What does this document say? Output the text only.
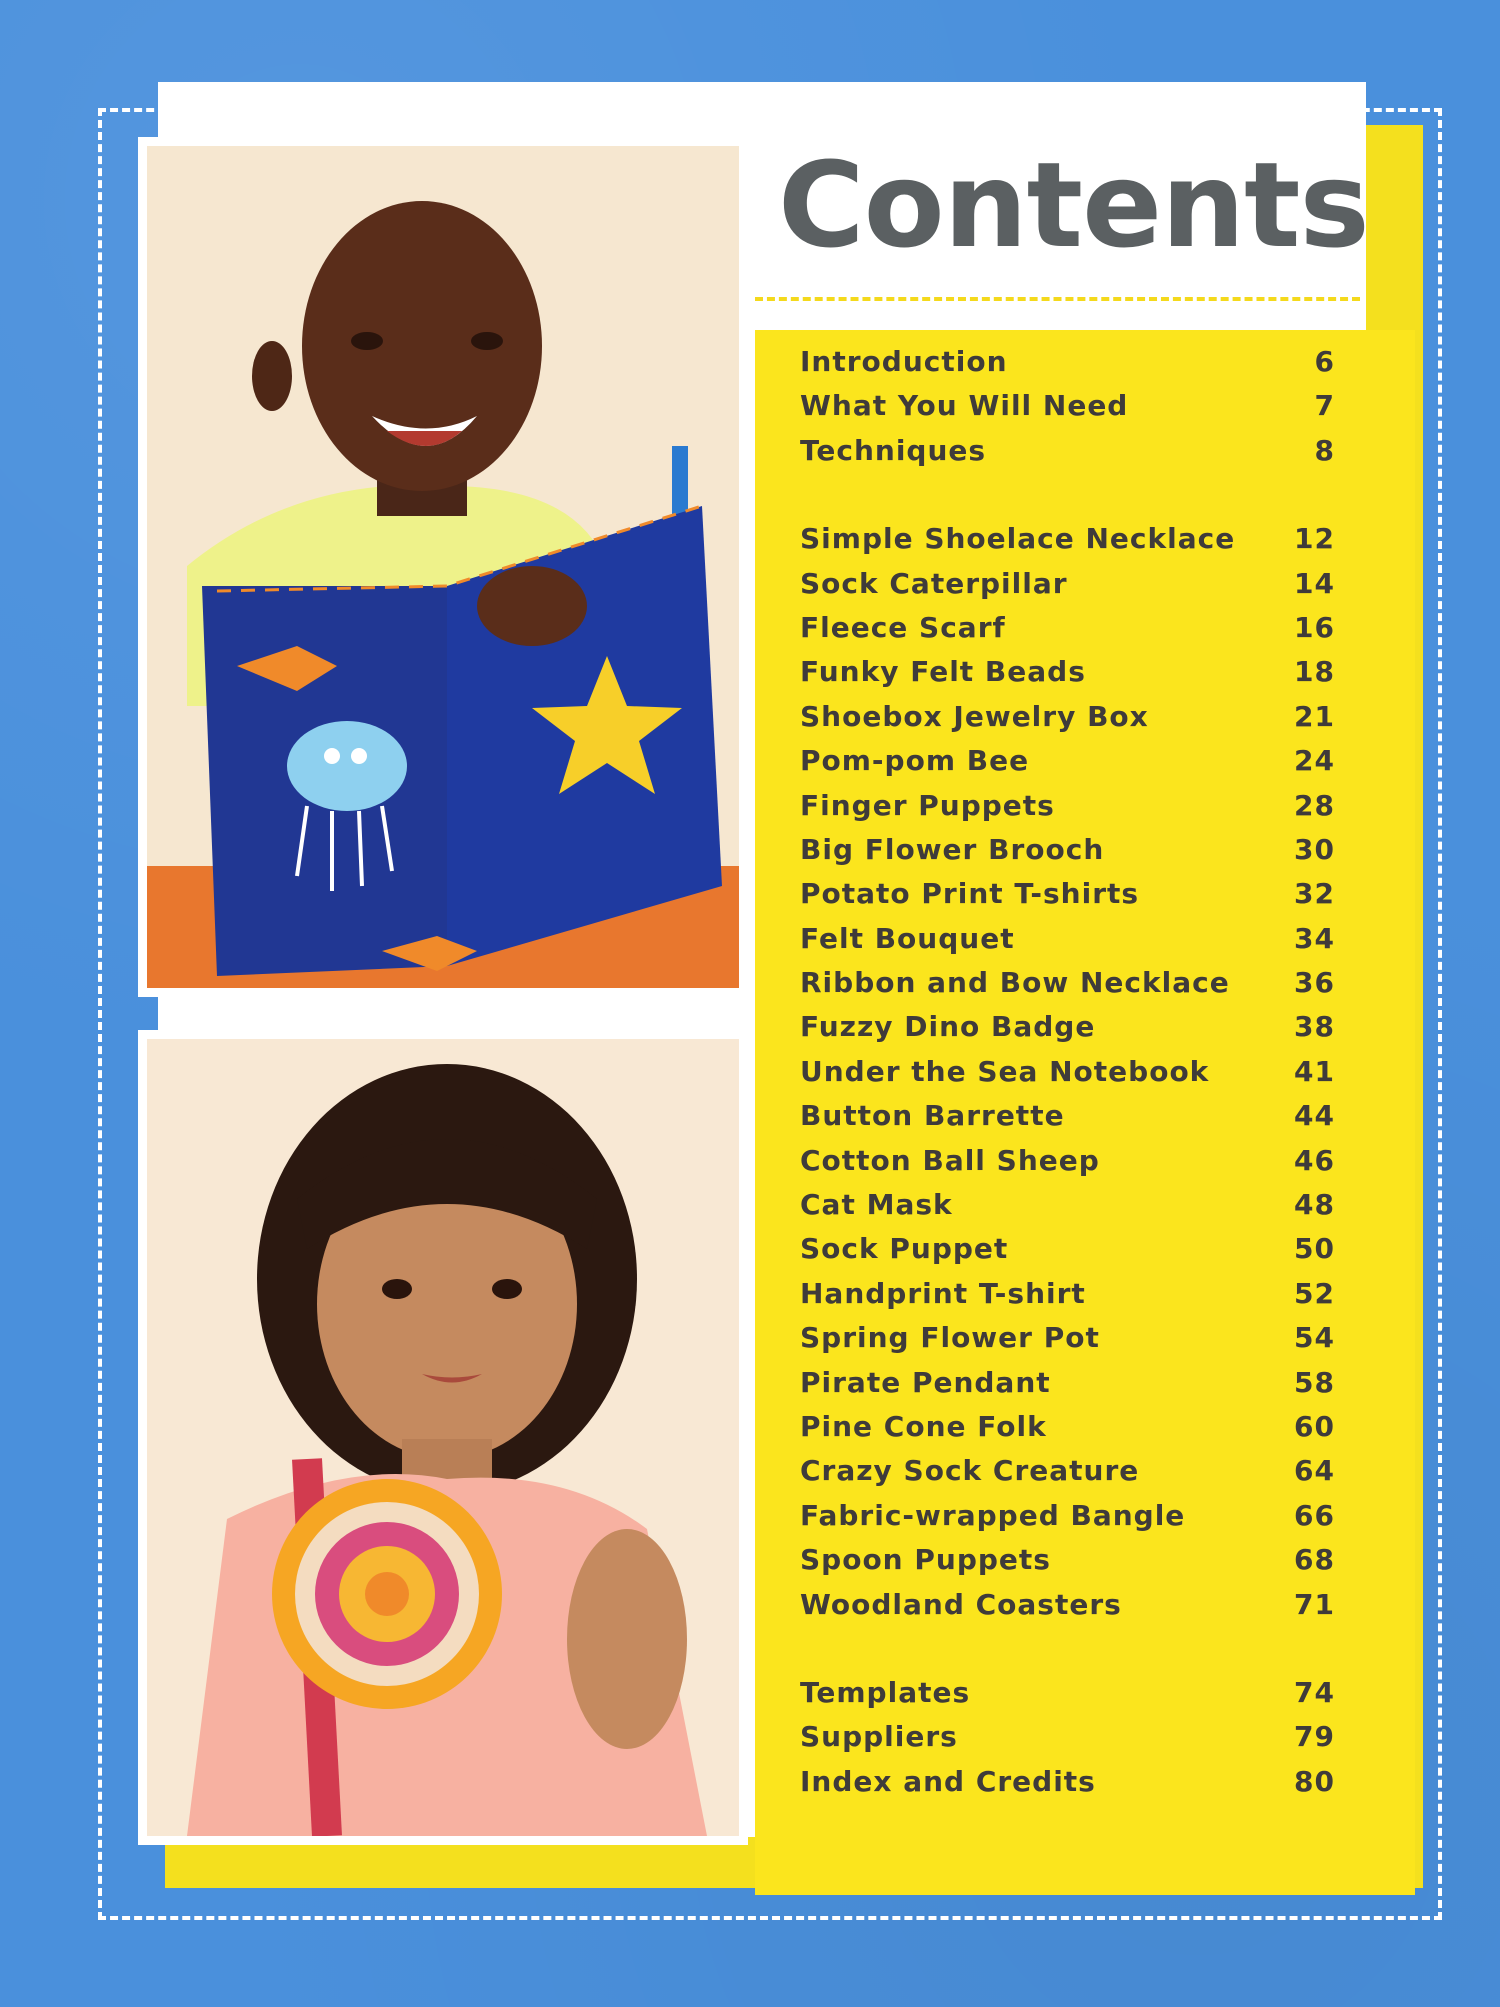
Contents
Introduction	6
What You Will Need	7
Techniques	8
Simple Shoelace Necklace	12
Sock Caterpillar	14
Fleece Scarf	16
Funky Felt Beads	18
Shoebox Jewelry Box	21
Pom-pom Bee	24
Finger Puppets	28
Big Flower Brooch	30
Potato Print T-shirts	32
Felt Bouquet	34
Ribbon and Bow Necklace	36
Fuzzy Dino Badge	38
Under the Sea Notebook	41
Button Barrette	44
Cotton Ball Sheep	46
Cat Mask	48
Sock Puppet	50
Handprint T-shirt	52
Spring Flower Pot	54
Pirate Pendant	58
Pine Cone Folk	60
Crazy Sock Creature	64
Fabric-wrapped Bangle	66
Spoon Puppets	68
Woodland Coasters	71
Templates	74
Suppliers	79
Index and Credits	80
